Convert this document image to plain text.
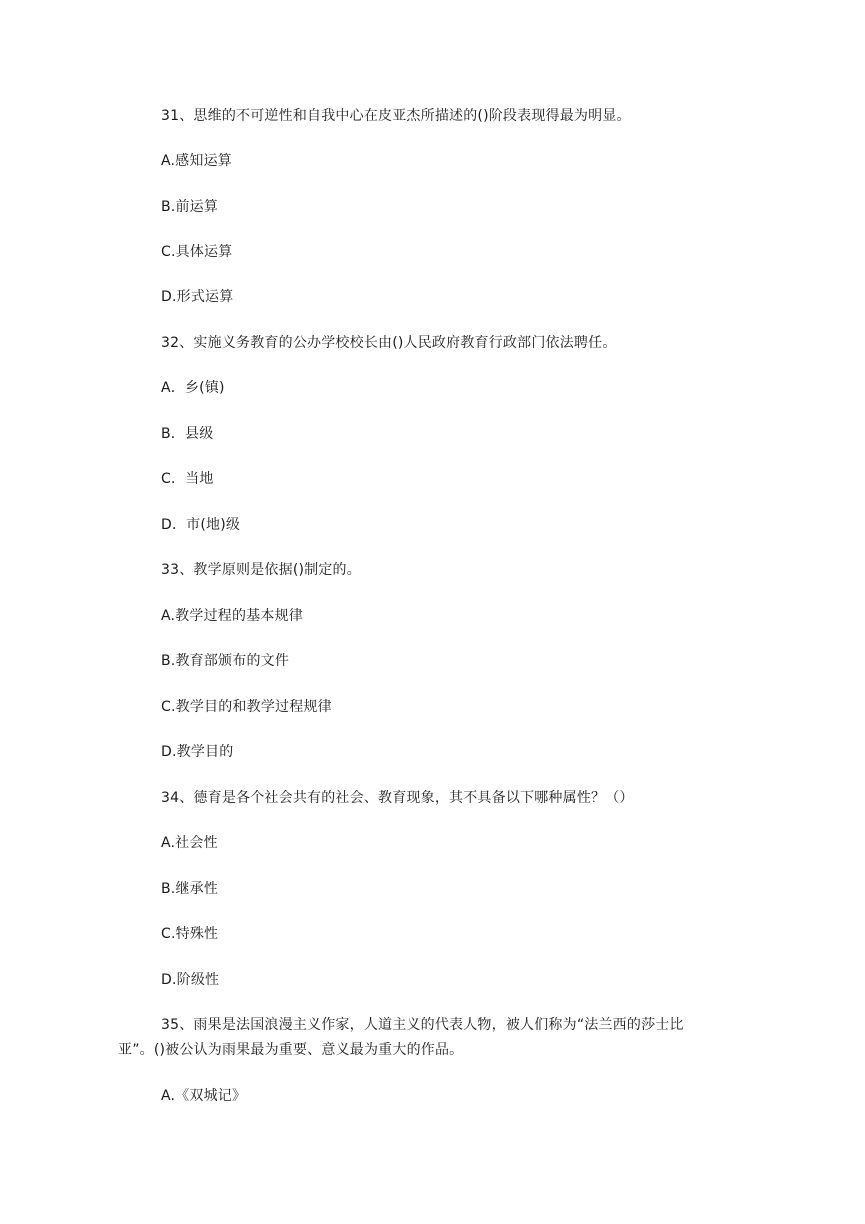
31、思维的不可逆性和自我中心在皮亚杰所描述的()阶段表现得最为明显。
A.感知运算
B.前运算
C.具体运算
D.形式运算
32、实施义务教育的公办学校校长由()人民政府教育行政部门依法聘任。
A．乡(镇)
B．县级
C．当地
D．市(地)级
33、教学原则是依据()制定的。
A.教学过程的基本规律
B.教育部颁布的文件
C.教学目的和教学过程规律
D.教学目的
34、德育是各个社会共有的社会、教育现象，其不具备以下哪种属性？（）
A.社会性
B.继承性
C.特殊性
D.阶级性
35、雨果是法国浪漫主义作家，人道主义的代表人物，被人们称为“法兰西的莎士比
亚”。()被公认为雨果最为重要、意义最为重大的作品。
A.《双城记》
